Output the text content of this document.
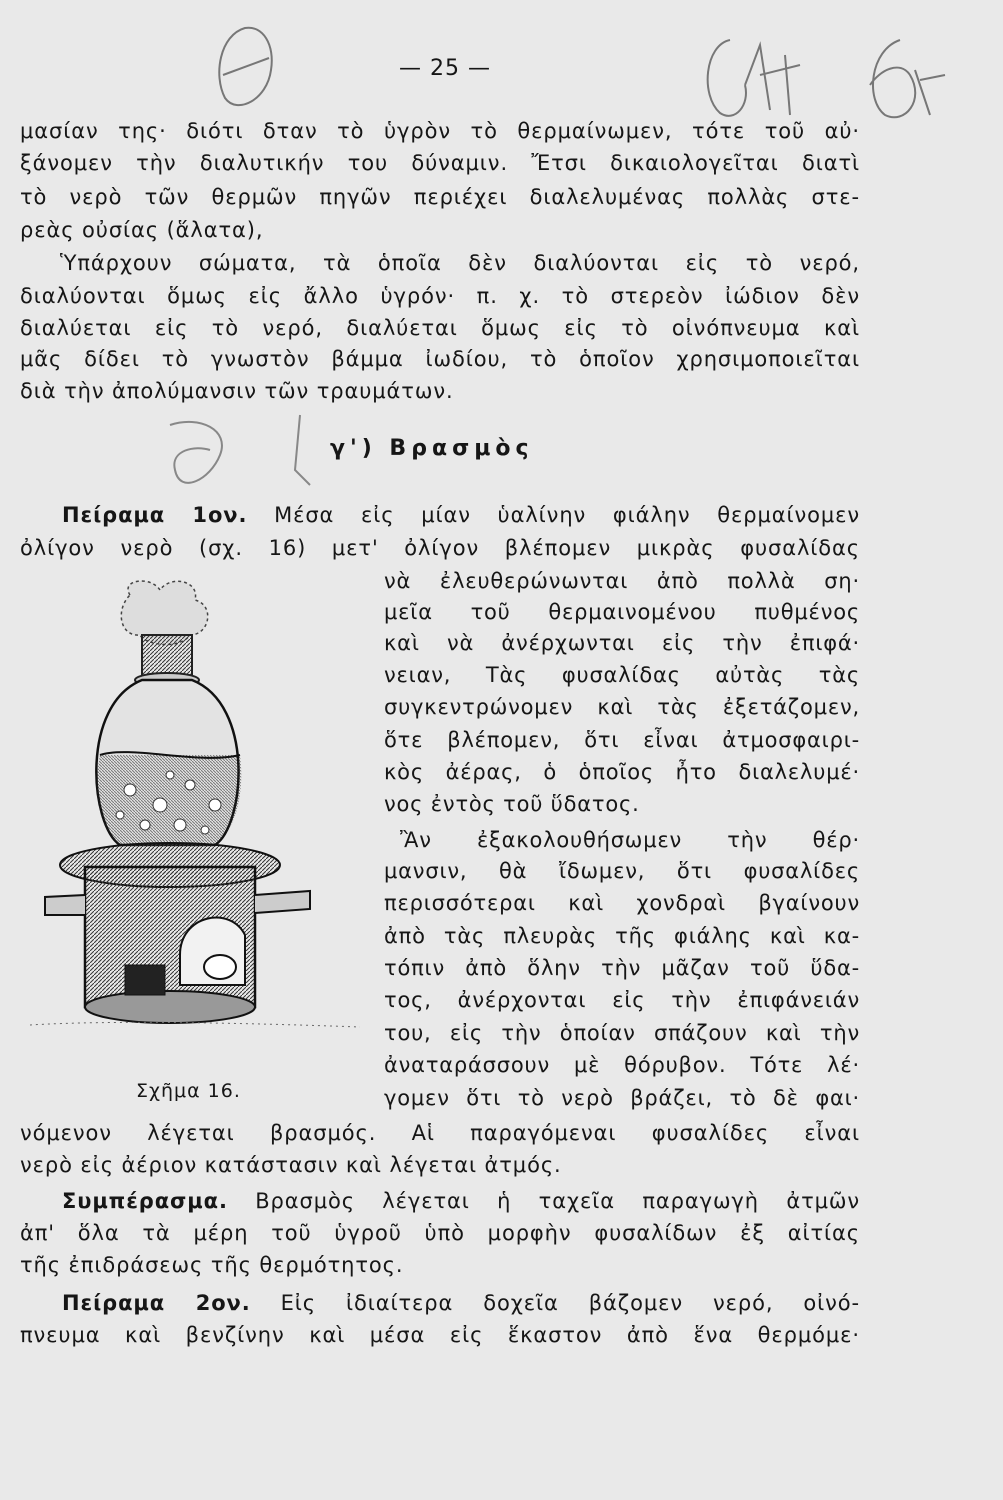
— 25 —
μασίαν της· διότι δταν τὸ ὑγρὸν τὸ θερμαίνωμεν, τότε τοῦ αὐ·
ξάνομεν τὴν διαλυτικήν του δύναμιν. Ἔτσι δικαιολογεῖται διατὶ
τὸ νερὸ τῶν θερμῶν πηγῶν περιέχει διαλελυμένας πολλὰς στε-
ρεὰς οὐσίας (ἅλατα),
Ὑπάρχουν σώματα, τὰ ὁποῖα δὲν διαλύονται εἰς τὸ νερό,
διαλύονται ὅμως εἰς ἄλλο ὑγρόν· π. χ. τὸ στερεὸν ἰώδιον δὲν
διαλύεται εἰς τὸ νερό, διαλύεται ὅμως εἰς τὸ οἰνόπνευμα καὶ
μᾶς δίδει τὸ γνωστὸν βάμμα ἰωδίου, τὸ ὁποῖον χρησιμοποιεῖται
διὰ τὴν ἀπολύμανσιν τῶν τραυμάτων.
γ') Βρασμὸς
Πείραμα 1ον. Μέσα εἰς μίαν ὑαλίνην φιάλην θερμαίνομεν
ὀλίγον νερὸ (σχ. 16) μετ' ὀλίγον βλέπομεν μικρὰς φυσαλίδας
νὰ ἐλευθερώνωνται ἀπὸ πολλὰ ση·
μεῖα τοῦ θερμαινομένου πυθμένος
καὶ νὰ ἀνέρχωνται εἰς τὴν ἐπιφά·
νειαν, Τὰς φυσαλίδας αὐτὰς τὰς
συγκεντρώνομεν καὶ τὰς ἐξετάζομεν,
ὅτε βλέπομεν, ὅτι εἶναι ἀτμοσφαιρι-
κὸς ἀέρας, ὁ ὁποῖος ἦτο διαλελυμέ·
νος ἐντὸς τοῦ ὕδατος.
Ἂν ἐξακολουθήσωμεν τὴν θέρ·
μανσιν, θὰ ἴδωμεν, ὅτι φυσαλίδες
περισσότεραι καὶ χονδραὶ βγαίνουν
ἀπὸ τὰς πλευρὰς τῆς φιάλης καὶ κα-
τόπιν ἀπὸ ὅλην τὴν μᾶζαν τοῦ ὕδα-
τος, ἀνέρχονται εἰς τὴν ἐπιφάνειάν
του, εἰς τὴν ὁποίαν σπάζουν καὶ τὴν
ἀναταράσσουν μὲ θόρυβον. Τότε λέ·
γομεν ὅτι τὸ νερὸ βράζει, τὸ δὲ φαι·
Σχῆμα 16.
νόμενον λέγεται βρασμός. Αἱ παραγόμεναι φυσαλίδες εἶναι
νερὸ εἰς ἀέριον κατάστασιν καὶ λέγεται ἀτμός.
Συμπέρασμα. Βρασμὸς λέγεται ἡ ταχεῖα παραγωγὴ ἀτμῶν
ἀπ' ὅλα τὰ μέρη τοῦ ὑγροῦ ὑπὸ μορφὴν φυσαλίδων ἐξ αἰτίας
τῆς ἐπιδράσεως τῆς θερμότητος.
Πείραμα 2ον. Εἰς ἰδιαίτερα δοχεῖα βάζομεν νερό, οἰνό-
πνευμα καὶ βενζίνην καὶ μέσα εἰς ἕκαστον ἀπὸ ἕνα θερμόμε·
